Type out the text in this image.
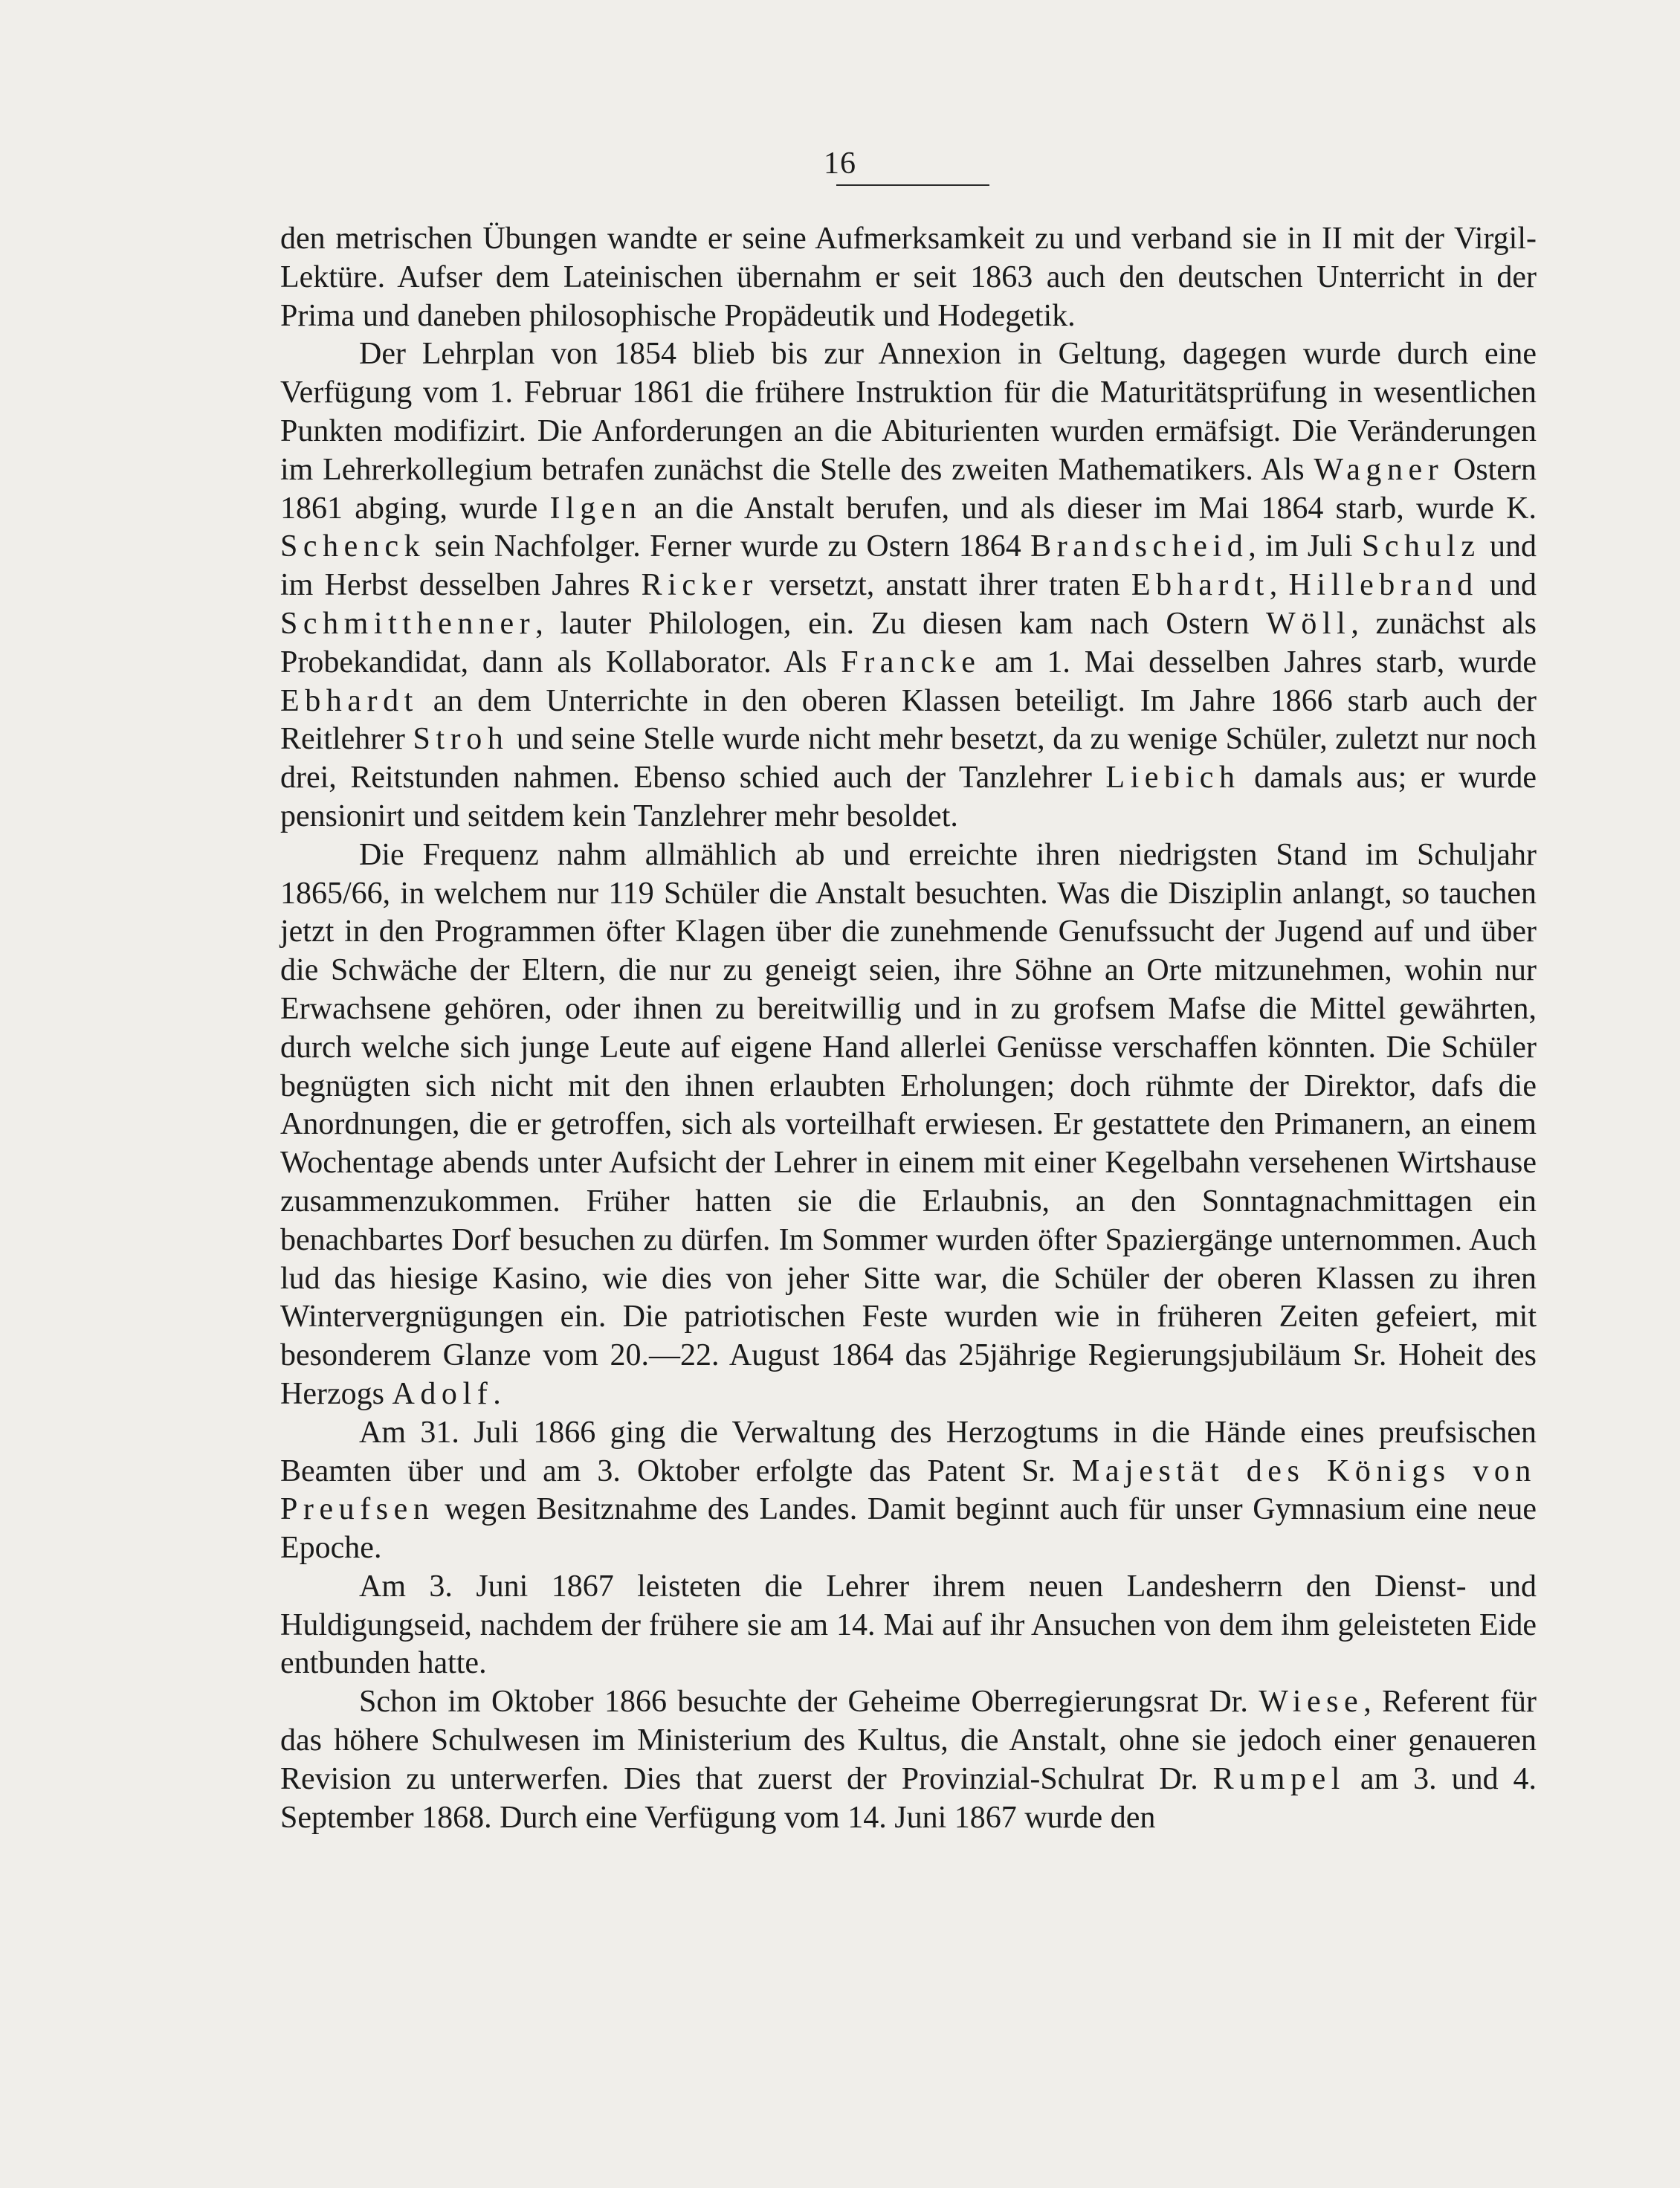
16

den metrischen Übungen wandte er seine Aufmerksamkeit zu und verband sie in II mit der Virgil-Lektüre. Aufser dem Lateinischen übernahm er seit 1863 auch den deutschen Unterricht in der Prima und daneben philosophische Propädeutik und Hodegetik.

Der Lehrplan von 1854 blieb bis zur Annexion in Geltung, dagegen wurde durch eine Verfügung vom 1. Februar 1861 die frühere Instruktion für die Maturitätsprüfung in wesentlichen Punkten modifizirt. Die Anforderungen an die Abiturienten wurden ermäfsigt. Die Veränderungen im Lehrerkollegium betrafen zunächst die Stelle des zweiten Mathematikers. Als Wagner Ostern 1861 abging, wurde Ilgen an die Anstalt berufen, und als dieser im Mai 1864 starb, wurde K. Schenck sein Nachfolger. Ferner wurde zu Ostern 1864 Brandscheid, im Juli Schulz und im Herbst desselben Jahres Ricker versetzt, anstatt ihrer traten Ebhardt, Hillebrand und Schmitthenner, lauter Philologen, ein. Zu diesen kam nach Ostern Wöll, zunächst als Probekandidat, dann als Kollaborator. Als Francke am 1. Mai desselben Jahres starb, wurde Ebhardt an dem Unterrichte in den oberen Klassen beteiligt. Im Jahre 1866 starb auch der Reitlehrer Stroh und seine Stelle wurde nicht mehr besetzt, da zu wenige Schüler, zuletzt nur noch drei, Reitstunden nahmen. Ebenso schied auch der Tanzlehrer Liebich damals aus; er wurde pensionirt und seitdem kein Tanzlehrer mehr besoldet.

Die Frequenz nahm allmählich ab und erreichte ihren niedrigsten Stand im Schuljahr 1865/66, in welchem nur 119 Schüler die Anstalt besuchten. Was die Disziplin anlangt, so tauchen jetzt in den Programmen öfter Klagen über die zunehmende Genufssucht der Jugend auf und über die Schwäche der Eltern, die nur zu geneigt seien, ihre Söhne an Orte mitzunehmen, wohin nur Erwachsene gehören, oder ihnen zu bereitwillig und in zu grofsem Mafse die Mittel gewährten, durch welche sich junge Leute auf eigene Hand allerlei Genüsse verschaffen könnten. Die Schüler begnügten sich nicht mit den ihnen erlaubten Erholungen; doch rühmte der Direktor, dafs die Anordnungen, die er getroffen, sich als vorteilhaft erwiesen. Er gestattete den Primanern, an einem Wochentage abends unter Aufsicht der Lehrer in einem mit einer Kegelbahn versehenen Wirtshause zusammenzukommen. Früher hatten sie die Erlaubnis, an den Sonntagnachmittagen ein benachbartes Dorf besuchen zu dürfen. Im Sommer wurden öfter Spaziergänge unternommen. Auch lud das hiesige Kasino, wie dies von jeher Sitte war, die Schüler der oberen Klassen zu ihren Wintervergnügungen ein. Die patriotischen Feste wurden wie in früheren Zeiten gefeiert, mit besonderem Glanze vom 20.—22. August 1864 das 25jährige Regierungsjubiläum Sr. Hoheit des Herzogs Adolf.

Am 31. Juli 1866 ging die Verwaltung des Herzogtums in die Hände eines preufsischen Beamten über und am 3. Oktober erfolgte das Patent Sr. Majestät des Königs von Preufsen wegen Besitznahme des Landes. Damit beginnt auch für unser Gymnasium eine neue Epoche.

Am 3. Juni 1867 leisteten die Lehrer ihrem neuen Landesherrn den Dienst- und Huldigungseid, nachdem der frühere sie am 14. Mai auf ihr Ansuchen von dem ihm geleisteten Eide entbunden hatte.

Schon im Oktober 1866 besuchte der Geheime Oberregierungsrat Dr. Wiese, Referent für das höhere Schulwesen im Ministerium des Kultus, die Anstalt, ohne sie jedoch einer genaueren Revision zu unterwerfen. Dies that zuerst der Provinzial-Schulrat Dr. Rumpel am 3. und 4. September 1868. Durch eine Verfügung vom 14. Juni 1867 wurde den
